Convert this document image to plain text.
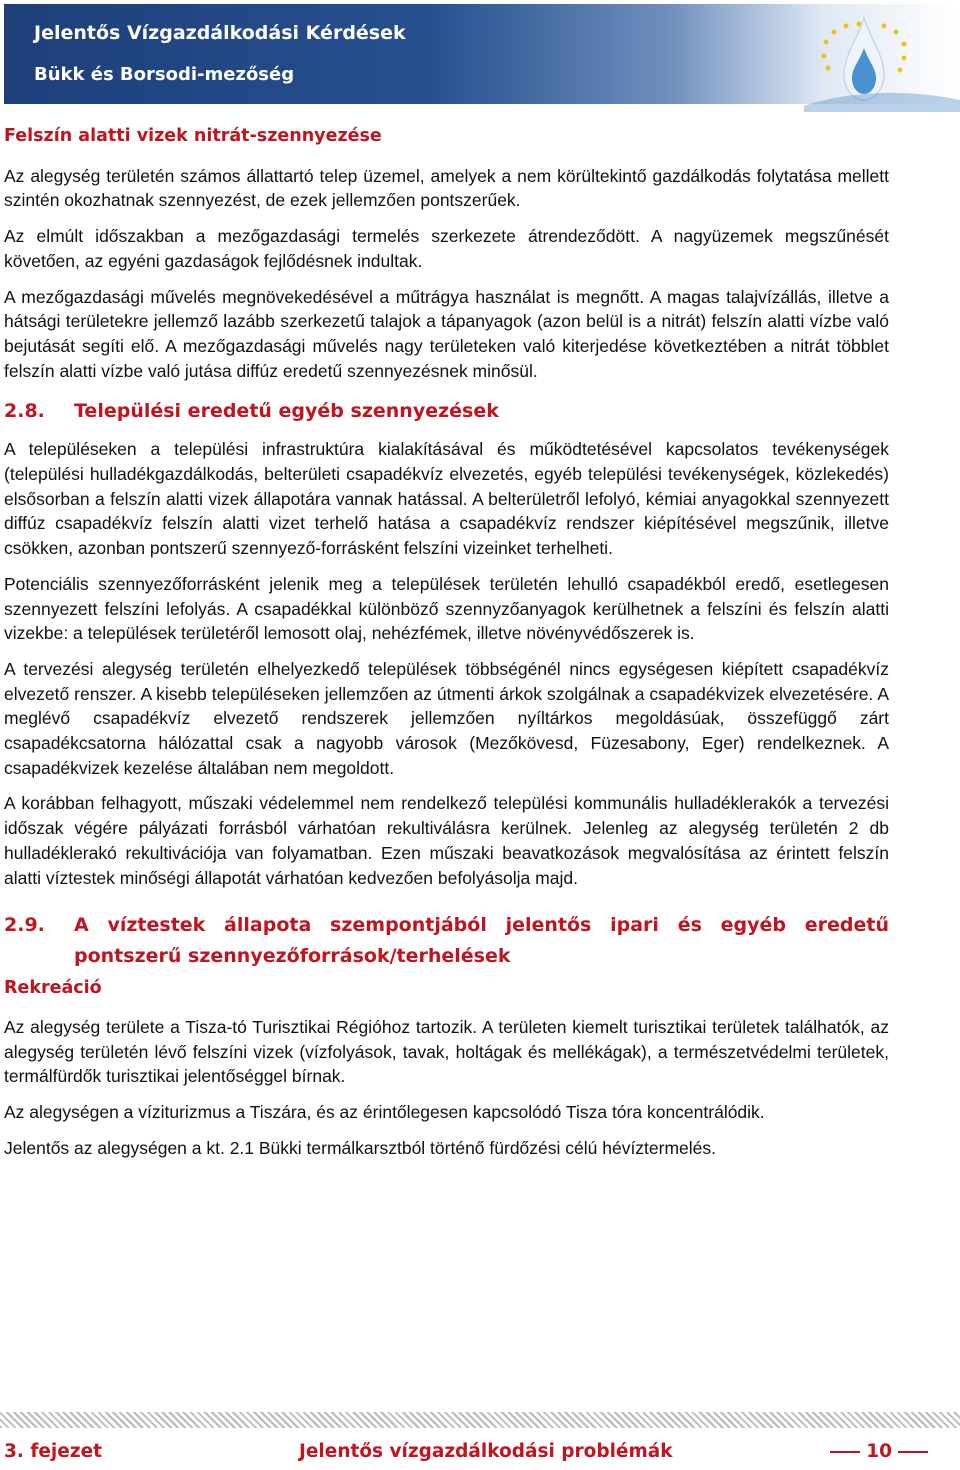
Jelentős Vízgazdálkodási Kérdések
Bükk és Borsodi-mezőség
Felszín alatti vizek nitrát-szennyezése

Az alegység területén számos állattartó telep üzemel, amelyek a nem körültekintő gazdálkodás folytatása mellett szintén okozhatnak szennyezést, de ezek jellemzően pontszerűek.

Az elmúlt időszakban a mezőgazdasági termelés szerkezete átrendeződött. A nagyüzemek megszűnését követően, az egyéni gazdaságok fejlődésnek indultak.

A mezőgazdasági művelés megnövekedésével a műtrágya használat is megnőtt. A magas talajvízállás, illetve a hátsági területekre jellemző lazább szerkezetű talajok a tápanyagok (azon belül is a nitrát) felszín alatti vízbe való bejutását segíti elő. A mezőgazdasági művelés nagy területeken való kiterjedése következtében a nitrát többlet felszín alatti vízbe való jutása diffúz eredetű szennyezésnek minősül.

2.8.	Települési eredetű egyéb szennyezések

A településeken a települési infrastruktúra kialakításával és működtetésével kapcsolatos tevékenységek (települési hulladékgazdálkodás, belterületi csapadékvíz elvezetés, egyéb települési tevékenységek, közlekedés) elsősorban a felszín alatti vizek állapotára vannak hatással. A belterületről lefolyó, kémiai anyagokkal szennyezett diffúz csapadékvíz felszín alatti vizet terhelő hatása a csapadékvíz rendszer kiépítésével megszűnik, illetve csökken, azonban pontszerű szennyező-forrásként felszíni vizeinket terhelheti.

Potenciális szennyezőforrásként jelenik meg a települések területén lehulló csapadékból eredő, esetlegesen szennyezett felszíni lefolyás. A csapadékkal különböző szennyzőanyagok kerülhetnek a felszíni és felszín alatti vizekbe: a települések területéről lemosott olaj, nehézfémek, illetve növényvédőszerek is.

A tervezési alegység területén elhelyezkedő települések többségénél nincs egységesen kiépített csapadékvíz elvezető renszer. A kisebb településeken jellemzően az útmenti árkok szolgálnak a csapadékvizek elvezetésére. A meglévő csapadékvíz elvezető rendszerek jellemzően nyíltárkos megoldásúak, összefüggő zárt csapadékcsatorna hálózattal csak a nagyobb városok (Mezőkövesd, Füzesabony, Eger) rendelkeznek. A csapadékvizek kezelése általában nem megoldott.

A korábban felhagyott, műszaki védelemmel nem rendelkező települési kommunális hulladéklerakók a tervezési időszak végére pályázati forrásból várhatóan rekultiválásra kerülnek. Jelenleg az alegység területén 2 db hulladéklerakó rekultivációja van folyamatban. Ezen műszaki beavatkozások megvalósítása az érintett felszín alatti víztestek minőségi állapotát várhatóan kedvezően befolyásolja majd.

2.9.	A víztestek állapota szempontjából jelentős ipari és egyéb eredetű pontszerű szennyezőforrások/terhelések
Rekreáció

Az alegység területe a Tisza-tó Turisztikai Régióhoz tartozik. A területen kiemelt turisztikai területek találhatók, az alegység területén lévő felszíni vizek (vízfolyások, tavak, holtágak és mellékágak), a természetvédelmi területek, termálfürdők turisztikai jelentőséggel bírnak.

Az alegységen a víziturizmus a Tiszára, és az érintőlegesen kapcsolódó Tisza tóra koncentrálódik.

Jelentős az alegységen a kt. 2.1 Bükki termálkarsztból történő fürdőzési célú hévíztermelés.

3. fejezet	Jelentős vízgazdálkodási problémák	10
